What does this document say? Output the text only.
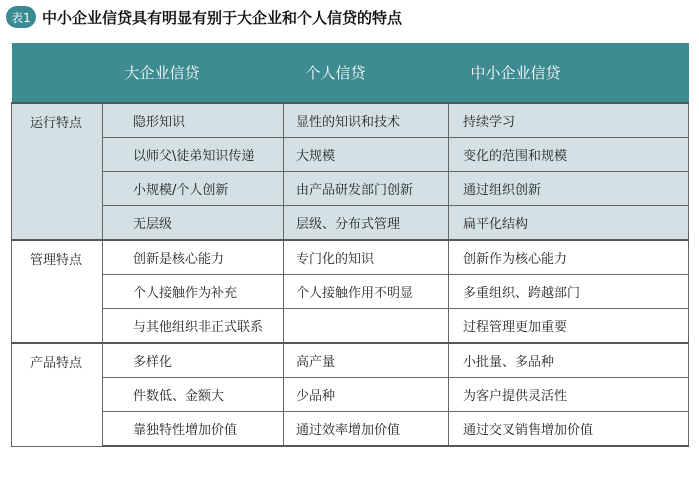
表1 中小企业信贷具有明显有别于大企业和个人信贷的特点
	大企业信贷	个人信贷	中小企业信贷
运行特点	隐形知识	显性的知识和技术	持续学习
	以师父\徒弟知识传递	大规模	变化的范围和规模
	小规模/个人创新	由产品研发部门创新	通过组织创新
	无层级	层级、分布式管理	扁平化结构
管理特点	创新是核心能力	专门化的知识	创新作为核心能力
	个人接触作为补充	个人接触作用不明显	多重组织、跨越部门
	与其他组织非正式联系		过程管理更加重要
产品特点	多样化	高产量	小批量、多品种
	件数低、金额大	少品种	为客户提供灵活性
	靠独特性增加价值	通过效率增加价值	通过交叉销售增加价值
